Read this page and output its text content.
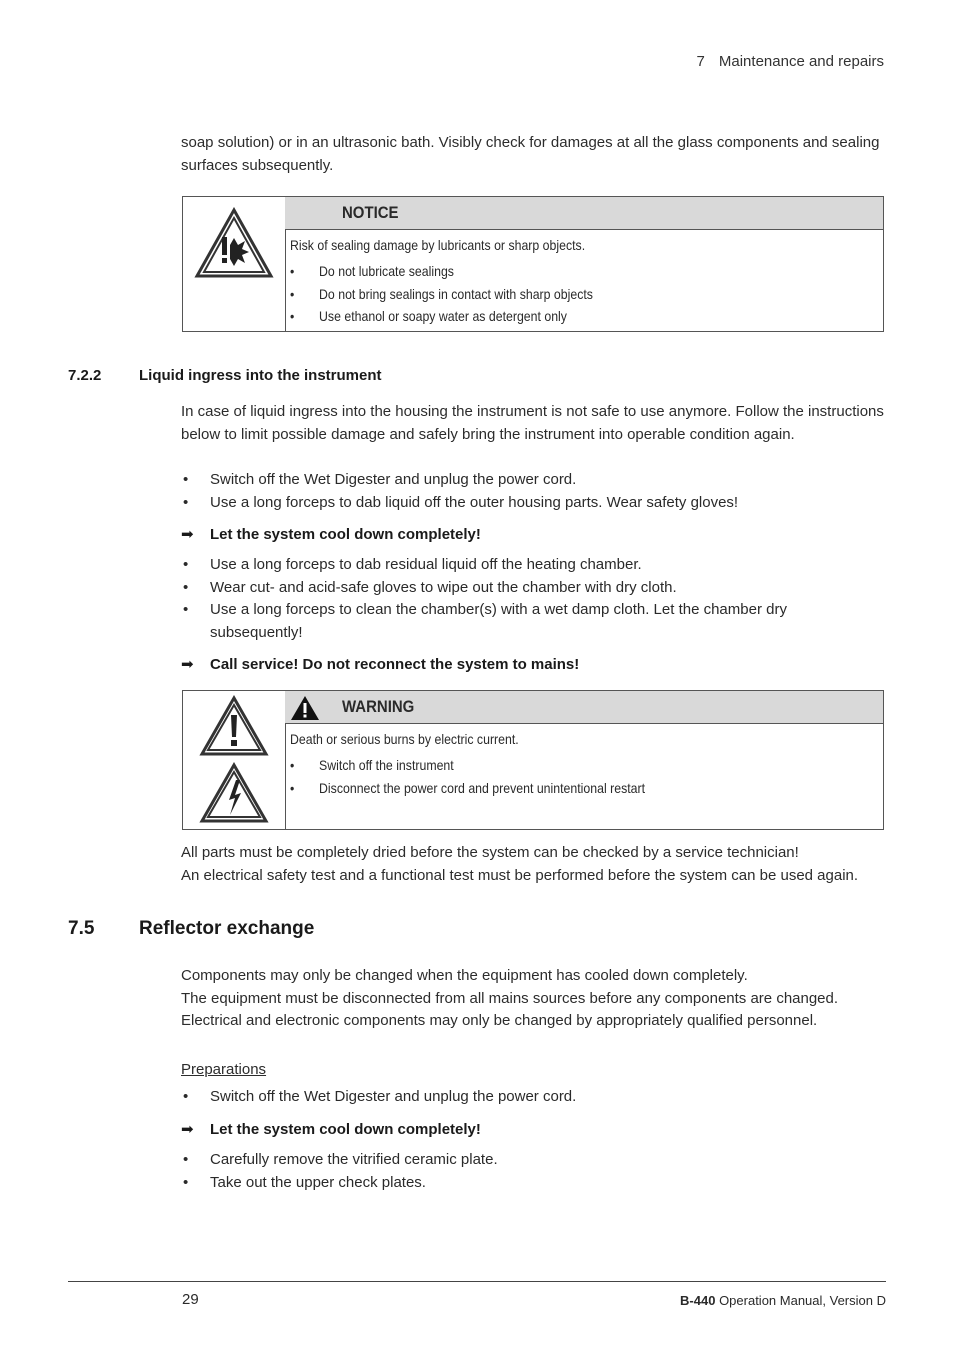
7 Maintenance and repairs
soap solution) or in an ultrasonic bath. Visibly check for damages at all the glass components and sealing surfaces subsequently.
NOTICE
Risk of sealing damage by lubricants or sharp objects.
• Do not lubricate sealings
• Do not bring sealings in contact with sharp objects
• Use ethanol or soapy water as detergent only
7.2.2	Liquid ingress into the instrument
In case of liquid ingress into the housing the instrument is not safe to use anymore. Follow the instructions below to limit possible damage and safely bring the instrument into operable condition again.
• Switch off the Wet Digester and unplug the power cord.
• Use a long forceps to dab liquid off the outer housing parts. Wear safety gloves!
➡ Let the system cool down completely!
• Use a long forceps to dab residual liquid off the heating chamber.
• Wear cut- and acid-safe gloves to wipe out the chamber with dry cloth.
• Use a long forceps to clean the chamber(s) with a wet damp cloth. Let the chamber dry subsequently!
➡ Call service! Do not reconnect the system to mains!
WARNING
Death or serious burns by electric current.
• Switch off the instrument
• Disconnect the power cord and prevent unintentional restart
All parts must be completely dried before the system can be checked by a service technician!
An electrical safety test and a functional test must be performed before the system can be used again.
7.5 Reflector exchange
Components may only be changed when the equipment has cooled down completely.
The equipment must be disconnected from all mains sources before any components are changed.
Electrical and electronic components may only be changed by appropriately qualified personnel.
Preparations
• Switch off the Wet Digester and unplug the power cord.
➡ Let the system cool down completely!
• Carefully remove the vitrified ceramic plate.
• Take out the upper check plates.
29	B-440 Operation Manual, Version D
